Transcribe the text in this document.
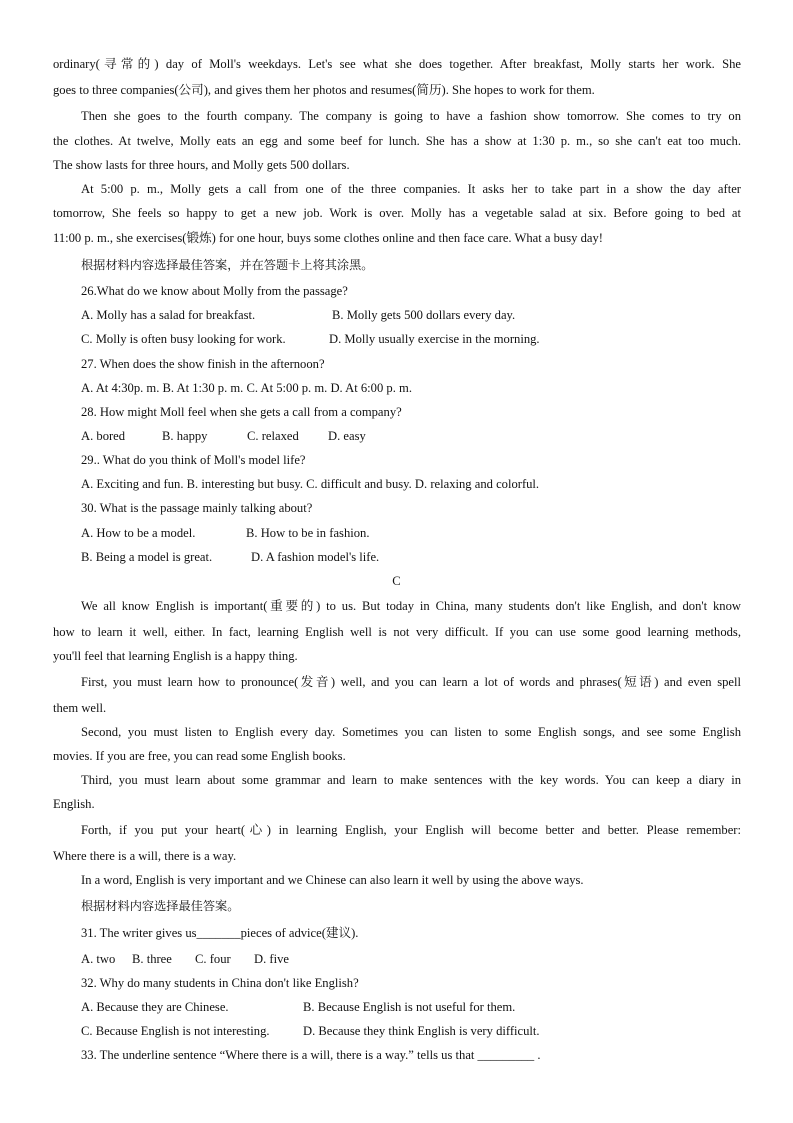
ordinary(寻常的) day of Moll's weekdays. Let's see what she does together. After breakfast, Molly starts her work. She
goes to three companies(公司), and gives them her photos and resumes(简历). She hopes to work for them.
Then she goes to the fourth company. The company is going to have a fashion show tomorrow. She comes to try on
the clothes. At twelve, Molly eats an egg and some beef for lunch. She has a show at 1:30 p. m., so she can't eat too much.
The show lasts for three hours, and Molly gets 500 dollars.
At 5:00 p. m., Molly gets a call from one of the three companies. It asks her to take part in a show the day after
tomorrow, She feels so happy to get a new job. Work is over. Molly has a vegetable salad at six. Before going to bed at
11:00 p. m., she exercises(锻炼) for one hour, buys some clothes online and then face care. What a busy day!
根据材料内容选择最佳答案，并在答题卡上将其涂黑。
26.What do we know about Molly from the passage?
A. Molly has a salad for breakfast.	B. Molly gets 500 dollars every day.
C. Molly is often busy looking for work.	D. Molly usually exercise in the morning.
27. When does the show finish in the afternoon?
A. At 4:30p. m. B. At 1:30 p. m. C. At 5:00 p. m. D. At 6:00 p. m.
28. How might Moll feel when she gets a call from a company?
A. bored	B. happy	C. relaxed D. easy
29.. What do you think of Moll's model life?
A. Exciting and fun. B. interesting but busy. C. difficult and busy. D. relaxing and colorful.
30. What is the passage mainly talking about?
A. How to be a model.	B. How to be in fashion.
B. Being a model is great.	D. A fashion model's life.
C
We all know English is important(重要的) to us. But today in China, many students don't like English, and don't know
how to learn it well, either. In fact, learning English well is not very difficult. If you can use some good learning methods,
you'll feel that learning English is a happy thing.
First, you must learn how to pronounce(发音) well, and you can learn a lot of words and phrases(短语) and even spell
them well.
Second, you must listen to English every day. Sometimes you can listen to some English songs, and see some English
movies. If you are free, you can read some English books.
Third, you must learn about some grammar and learn to make sentences with the key words. You can keep a diary in
English.
Forth, if you put your heart(心) in learning English, your English will become better and better. Please remember:
Where there is a will, there is a way.
In a word, English is very important and we Chinese can also learn it well by using the above ways.
根据材料内容选择最佳答案。
31. The writer gives us_______pieces of advice(建议).
A. two B. three C. four D. five
32. Why do many students in China don't like English?
A. Because they are Chinese.	B. Because English is not useful for them.
C. Because English is not interesting.	D. Because they think English is very difficult.
33. The underline sentence “Where there is a will, there is a way.” tells us that _________ .
